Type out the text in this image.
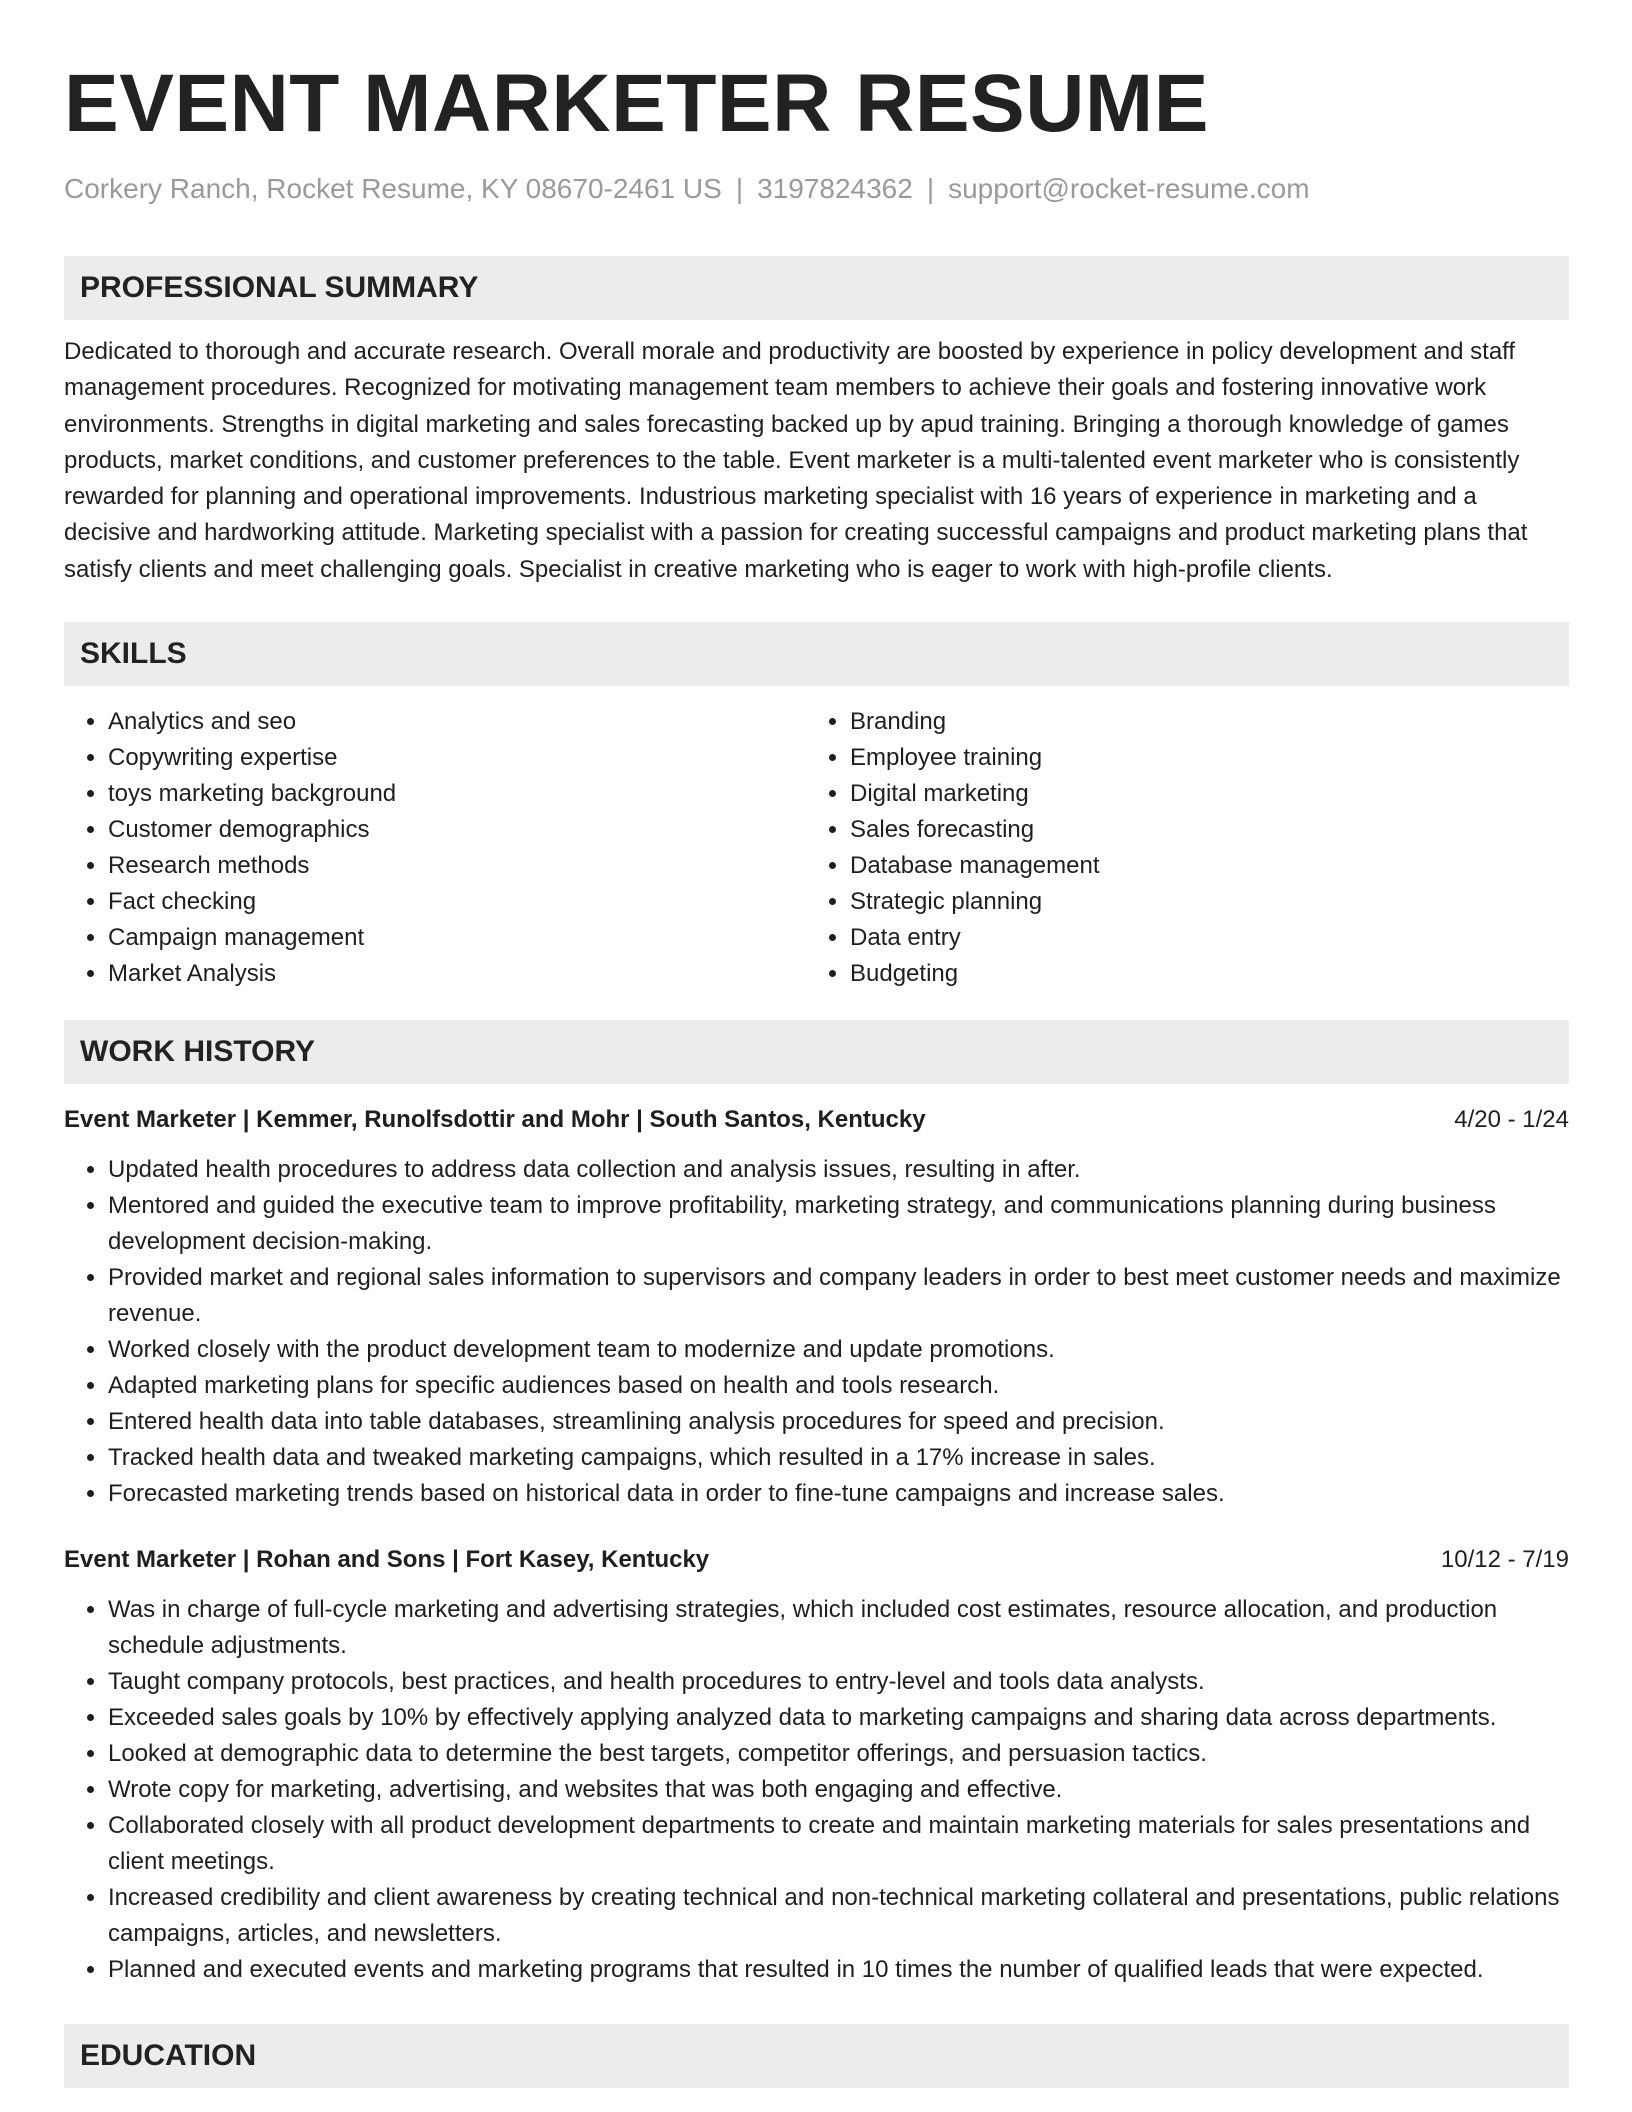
EVENT MARKETER RESUME
Corkery Ranch, Rocket Resume, KY 08670-2461 US | 3197824362 | support@rocket-resume.com
PROFESSIONAL SUMMARY
Dedicated to thorough and accurate research. Overall morale and productivity are boosted by experience in policy development and staff management procedures. Recognized for motivating management team members to achieve their goals and fostering innovative work environments. Strengths in digital marketing and sales forecasting backed up by apud training. Bringing a thorough knowledge of games products, market conditions, and customer preferences to the table. Event marketer is a multi-talented event marketer who is consistently rewarded for planning and operational improvements. Industrious marketing specialist with 16 years of experience in marketing and a decisive and hardworking attitude. Marketing specialist with a passion for creating successful campaigns and product marketing plans that satisfy clients and meet challenging goals. Specialist in creative marketing who is eager to work with high-profile clients.
SKILLS
• Analytics and seo
• Copywriting expertise
• toys marketing background
• Customer demographics
• Research methods
• Fact checking
• Campaign management
• Market Analysis
• Branding
• Employee training
• Digital marketing
• Sales forecasting
• Database management
• Strategic planning
• Data entry
• Budgeting
WORK HISTORY
Event Marketer | Kemmer, Runolfsdottir and Mohr | South Santos, Kentucky	4/20 - 1/24
• Updated health procedures to address data collection and analysis issues, resulting in after.
• Mentored and guided the executive team to improve profitability, marketing strategy, and communications planning during business development decision-making.
• Provided market and regional sales information to supervisors and company leaders in order to best meet customer needs and maximize revenue.
• Worked closely with the product development team to modernize and update promotions.
• Adapted marketing plans for specific audiences based on health and tools research.
• Entered health data into table databases, streamlining analysis procedures for speed and precision.
• Tracked health data and tweaked marketing campaigns, which resulted in a 17% increase in sales.
• Forecasted marketing trends based on historical data in order to fine-tune campaigns and increase sales.
Event Marketer | Rohan and Sons | Fort Kasey, Kentucky	10/12 - 7/19
• Was in charge of full-cycle marketing and advertising strategies, which included cost estimates, resource allocation, and production schedule adjustments.
• Taught company protocols, best practices, and health procedures to entry-level and tools data analysts.
• Exceeded sales goals by 10% by effectively applying analyzed data to marketing campaigns and sharing data across departments.
• Looked at demographic data to determine the best targets, competitor offerings, and persuasion tactics.
• Wrote copy for marketing, advertising, and websites that was both engaging and effective.
• Collaborated closely with all product development departments to create and maintain marketing materials for sales presentations and client meetings.
• Increased credibility and client awareness by creating technical and non-technical marketing collateral and presentations, public relations campaigns, articles, and newsletters.
• Planned and executed events and marketing programs that resulted in 10 times the number of qualified leads that were expected.
EDUCATION
